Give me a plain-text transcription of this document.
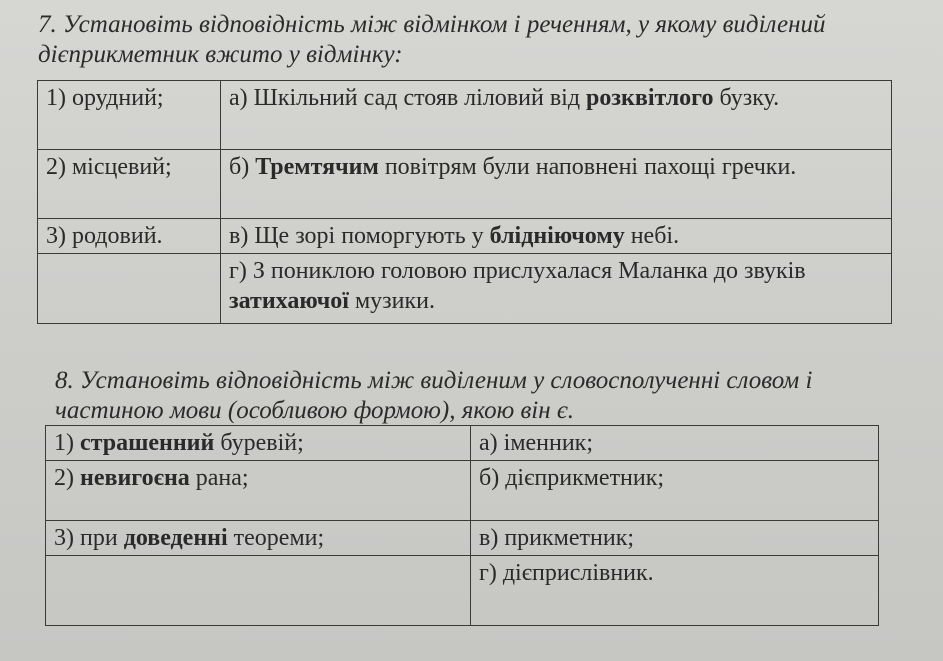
7. Установіть відповідність між відмінком і реченням, у якому виділений дієприкметник вжито у відмінку:

1) орудний;	а) Шкільний сад стояв ліловий від розквітлого бузку.
2) місцевий;	б) Тремтячим повітрям були наповнені пахощі гречки.
3) родовий.	в) Ще зорі поморгують у бліднiючому небі.
	г) З пониклою головою прислухалася Маланка до звуків затихаючої музики.

8. Установіть відповідність між виділеним у словосполученні словом і частиною мови (особливою формою), якою він є.

1) страшенний буревій;	а) іменник;
2) невигоєна рана;	б) дієприкметник;
3) при доведенні теореми;	в) прикметник;
	г) дієприслівник.
